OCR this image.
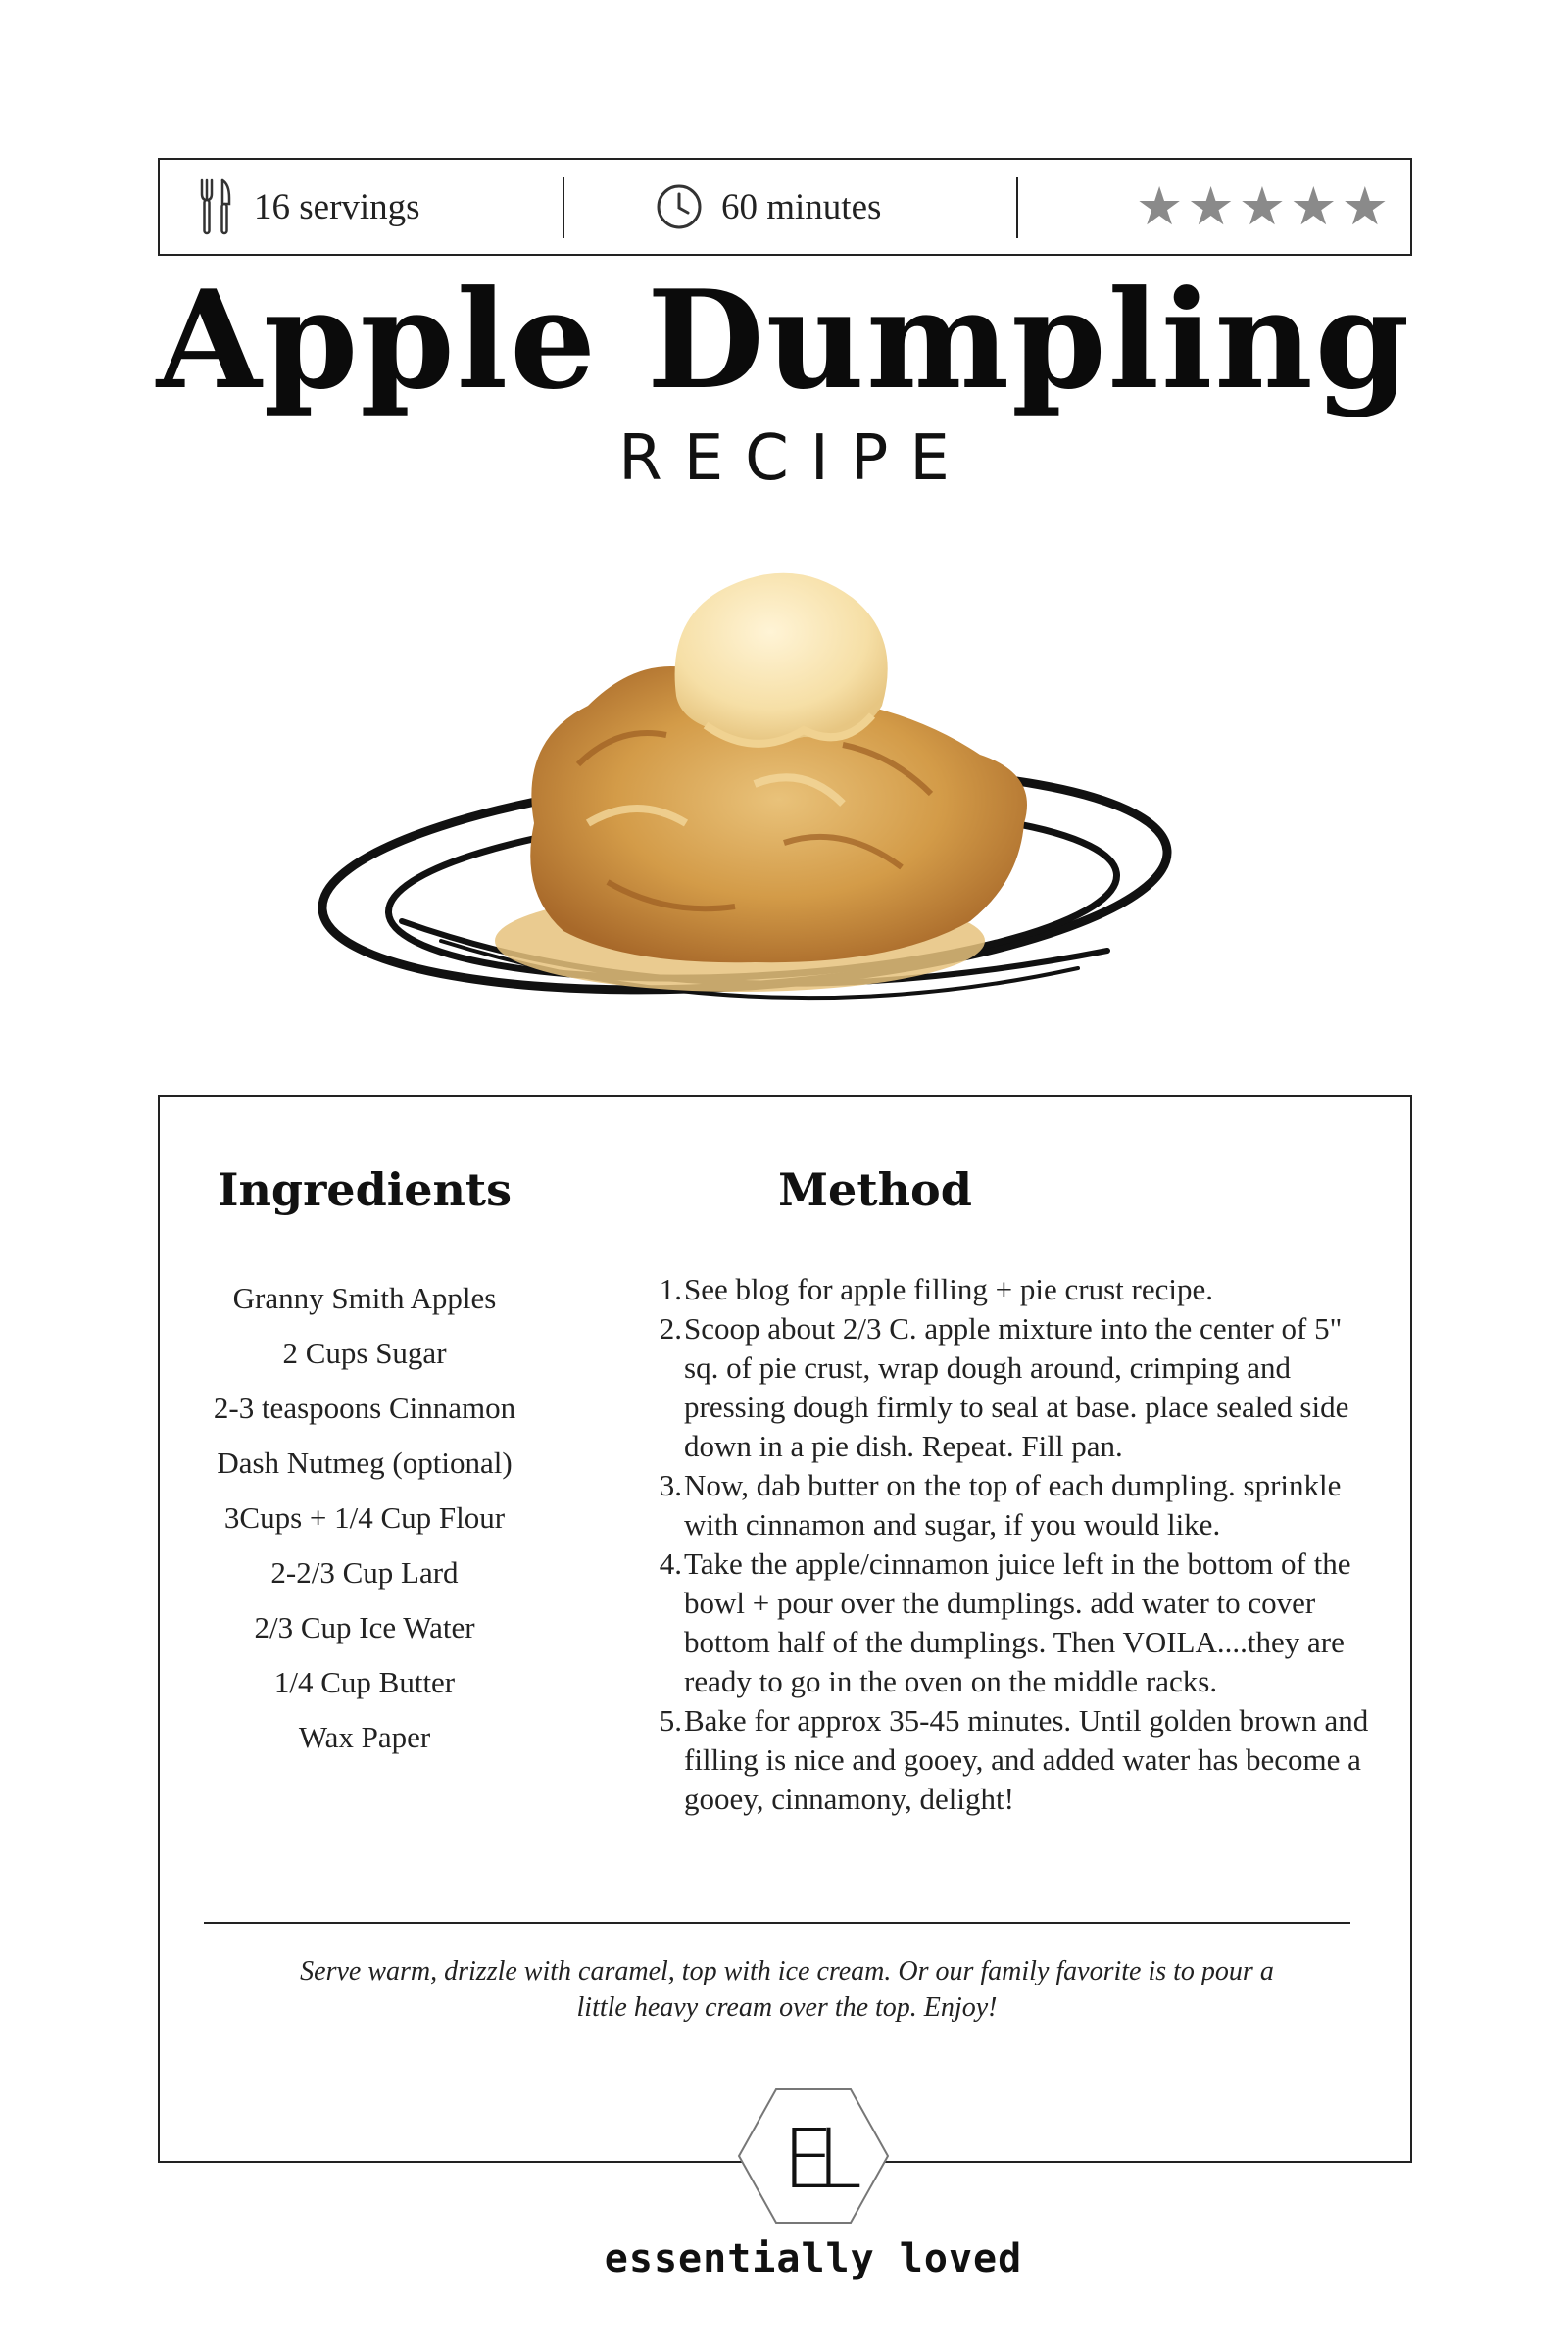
16 servings	60 minutes	★ ★ ★ ★ ★
Apple Dumpling
RECIPE
Ingredients	Method
Granny Smith Apples
2 Cups Sugar
2-3 teaspoons Cinnamon
Dash Nutmeg (optional)
3Cups + 1/4 Cup Flour
2-2/3 Cup Lard
2/3 Cup Ice Water
1/4 Cup Butter
Wax Paper
1 . See blog for apple filling + pie crust recipe.
2 . Scoop about 2/3 C. apple mixture into the center of 5" sq. of pie crust, wrap dough around, crimping and pressing dough firmly to seal at base. place sealed side down in a pie dish. Repeat. Fill pan.
3 . Now, dab butter on the top of each dumpling. sprinkle with cinnamon and sugar, if you would like.
4 . Take the apple/cinnamon juice left in the bottom of the bowl + pour over the dumplings. add water to cover bottom half of the dumplings. Then VOILA....they are ready to go in the oven on the middle racks.
5 . Bake for approx 35-45 minutes. Until golden brown and filling is nice and gooey, and added water has become a gooey, cinnamony, delight!
Serve warm, drizzle with caramel, top with ice cream. Or our family favorite is to pour a little heavy cream over the top. Enjoy!
EL
essentially loved
